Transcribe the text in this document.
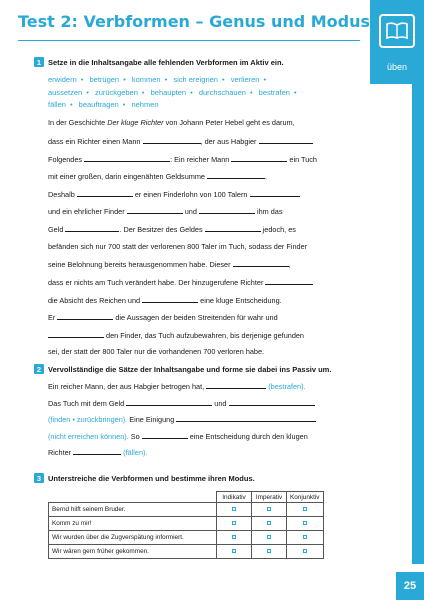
Test 2: Verbformen – Genus und Modus
üben
25
1 Setze in die Inhaltsangabe alle fehlenden Verbformen im Aktiv ein.
erwidern • betrügen • kommen • sich ereignen • verlieren •
aussetzen • zurückgeben • behaupten • durchschauen • bestrafen •
fällen • beauftragen • nehmen
In der Geschichte Der kluge Richter von Johann Peter Hebel geht es darum,
dass ein Richter einen Mann	, der aus Habgier
Folgendes	: Ein reicher Mann	ein Tuch
mit einer großen, darin eingenähten Geldsumme	.
Deshalb	er einen Finderlohn von 100 Talern
und ein ehrlicher Finder	und	ihm das
Geld	. Der Besitzer des Geldes	jedoch, es
befänden sich nur 700 statt der verlorenen 800 Taler im Tuch, sodass der Finder
seine Belohnung bereits herausgenommen habe. Dieser	,
dass er nichts am Tuch verändert habe. Der hinzugerufene Richter
die Absicht des Reichen und	eine kluge Entscheidung.
Er	die Aussagen der beiden Streitenden für wahr und
den Finder, das Tuch aufzubewahren, bis derjenige gefunden
sei, der statt der 800 Taler nur die vorhandenen 700 verloren habe.
2 Vervollständige die Sätze der Inhaltsangabe und forme sie dabei ins Passiv um.
Ein reicher Mann, der aus Habgier betrogen hat,	(bestrafen).
Das Tuch mit dem Geld	und
(finden • zurückbringen). Eine Einigung
(nicht erreichen können). So	eine Entscheidung durch den klugen
Richter	(fällen).
3 Unterstreiche die Verbformen und bestimme ihren Modus.
	Indikativ	Imperativ	Konjunktiv
Bernd hilft seinem Bruder.			
Komm zu mir!			
Wir wurden über die Zugverspätung informiert.			
Wir wären gern früher gekommen.			
